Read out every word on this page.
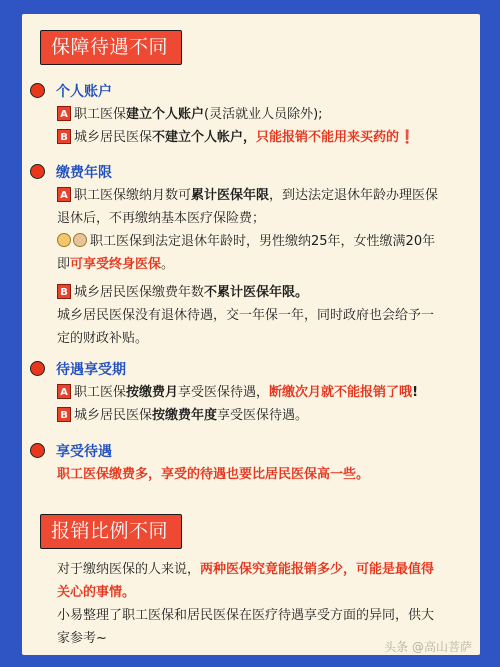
保障待遇不同
个人账户
A 职工医保建立个人账户(灵活就业人员除外);
B 城乡居民医保不建立个人帐户，只能报销不能用来买药的❗
缴费年限
A 职工医保缴纳月数可累计医保年限，到达法定退休年龄办理医保
退休后，不再缴纳基本医疗保险费；
职工医保到法定退休年龄时，男性缴纳25年，女性缴满20年
即可享受终身医保。
B 城乡居民医保缴费年数不累计医保年限。
城乡居民医保没有退休待遇，交一年保一年，同时政府也会给予一
定的财政补贴。
待遇享受期
A 职工医保按缴费月享受医保待遇，断缴次月就不能报销了哦!
B 城乡居民医保按缴费年度享受医保待遇。
享受待遇
职工医保缴费多，享受的待遇也要比居民医保高一些。
报销比例不同
对于缴纳医保的人来说，两种医保究竟能报销多少，可能是最值得
关心的事情。
小易整理了职工医保和居民医保在医疗待遇享受方面的异同，供大
家参考~
头条 @高山菩萨
